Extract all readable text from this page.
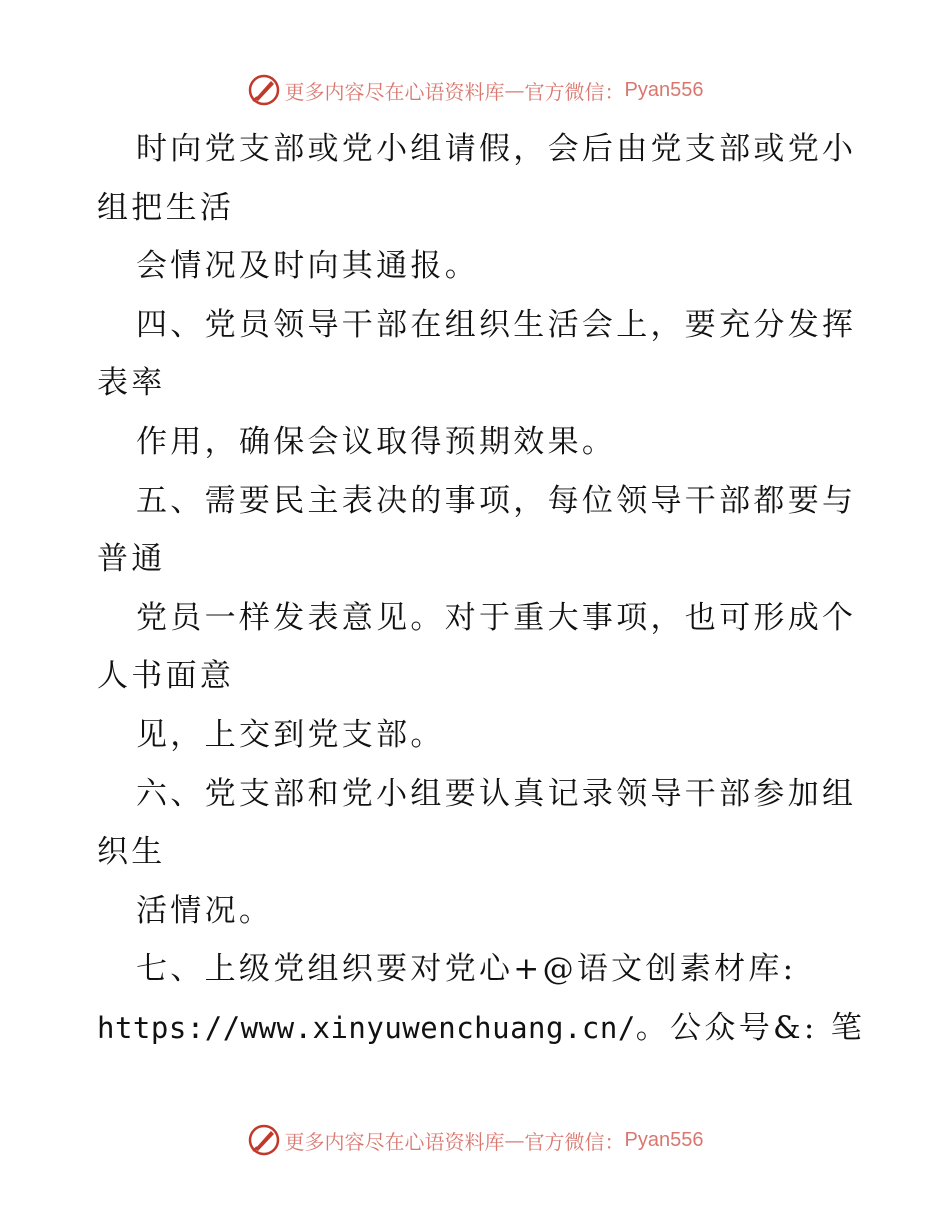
更多内容尽在心语资料库 — 官方微信： Pyan556
时向党支部或党小组请假，会后由党支部或党小
组把生活
会情况及时向其通报。
四、党员领导干部在组织生活会上，要充分发挥
表率
作用，确保会议取得预期效果。
五、需要民主表决的事项，每位领导干部都要与
普通
党员一样发表意见。对于重大事项，也可形成个
人书面意
见，上交到党支部。
六、党支部和党小组要认真记录领导干部参加组
织生
活情况。
七、上级党组织要对党心+@语文创素材库:
https://www.xinyuwenchuang.cn/。公众号&: 笔
更多内容尽在心语资料库 — 官方微信： Pyan556
